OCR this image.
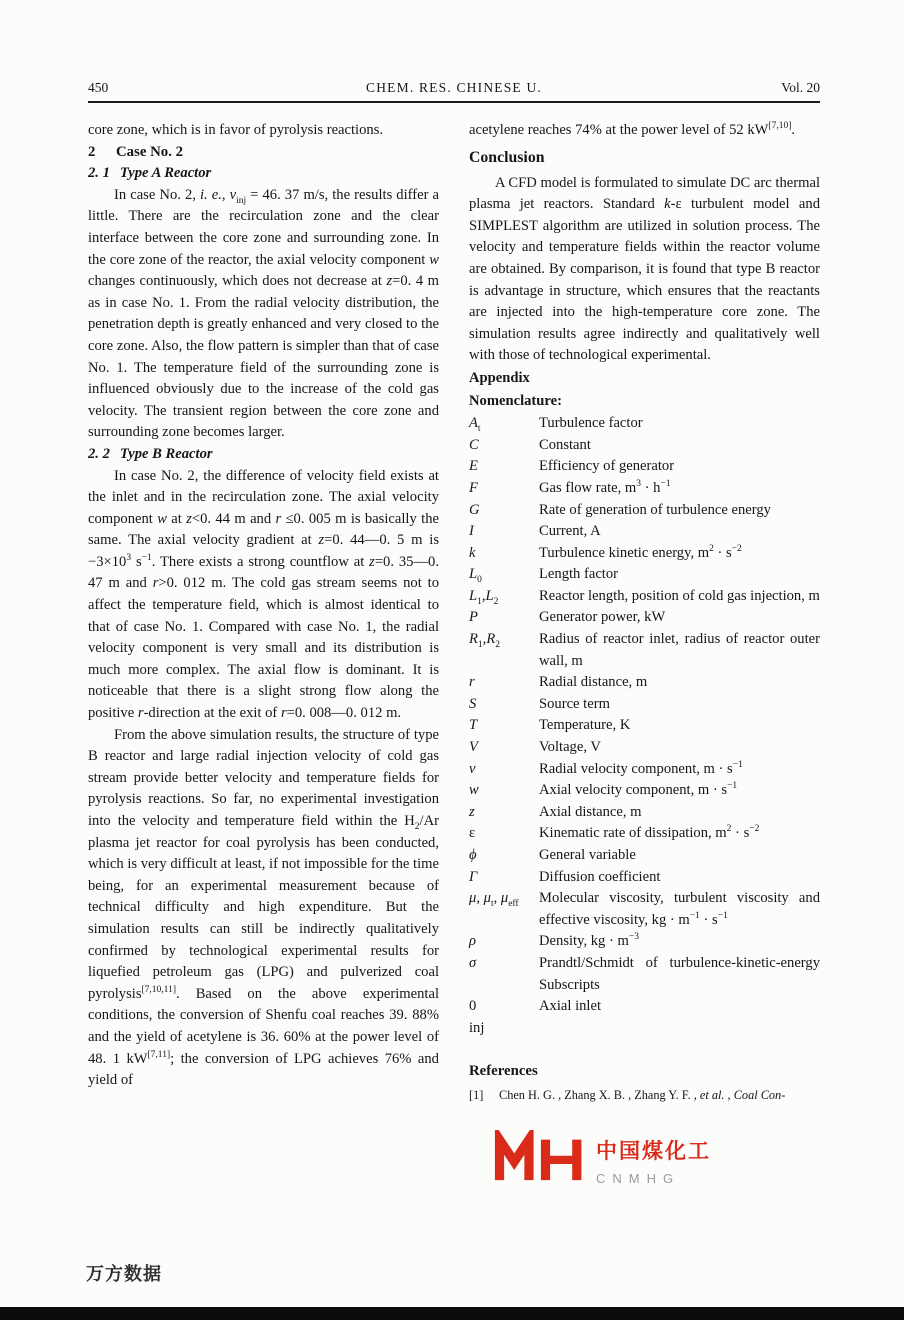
450	CHEM. RES. CHINESE U.	Vol. 20

core zone, which is in favor of pyrolysis reactions.

2 Case No. 2
2. 1 Type A Reactor

In case No. 2, i. e., $v_{inj} = 46$. 37 m/s, the results differ a little. There are the recirculation zone and the clear interface between the core zone and surrounding zone. In the core zone of the reactor, the axial velocity component w changes continuously, which does not decrease at z=0. 4 m as in case No. 1. From the radial velocity distribution, the penetration depth is greatly enhanced and very closed to the core zone. Also, the flow pattern is simpler than that of case No. 1. The temperature field of the surrounding zone is influenced obviously due to the increase of the cold gas velocity. The transient region between the core zone and surrounding zone becomes larger.

2. 2 Type B Reactor

In case No. 2, the difference of velocity field exists at the inlet and in the recirculation zone. The axial velocity component w at z<0. 44 m and r ≤0. 005 m is basically the same. The axial velocity gradient at z=0. 44—0. 5 m is $-3\times 10^3$ $s^{-1}$. There exists a strong countflow at z=0. 35—0. 47 m and r>0. 012 m. The cold gas stream seems not to affect the temperature field, which is almost identical to that of case No. 1. Compared with case No. 1, the radial velocity component is very small and its distribution is much more complex. The axial flow is dominant. It is noticeable that there is a slight strong flow along the positive r-direction at the exit of r=0. 008—0. 012 m.

From the above simulation results, the structure of type B reactor and large radial injection velocity of cold gas stream provide better velocity and temperature fields for pyrolysis reactions. So far, no experimental investigation into the velocity and temperature field within the $H_2/Ar$ plasma jet reactor for coal pyrolysis has been conducted, which is very difficult at least, if not impossible for the time being, for an experimental measurement because of technical difficulty and high expenditure. But the simulation results can still be indirectly qualitatively confirmed by technological experimental results for liquefied petroleum gas (LPG) and pulverized coal pyrolysis[7,10,11]. Based on the above experimental conditions, the conversion of Shenfu coal reaches 39. 88% and the yield of acetylene is 36. 60% at the power level of 48. 1 kW[7,11]; the conversion of LPG achieves 76% and yield of

acetylene reaches 74% at the power level of 52 kW[7,10].

Conclusion

A CFD model is formulated to simulate DC arc thermal plasma jet reactors. Standard k-ε turbulent model and SIMPLEST algorithm are utilized in solution process. The velocity and temperature fields within the reactor volume are obtained. By comparison, it is found that type B reactor is advantage in structure, which ensures that the reactants are injected into the high-temperature core zone. The simulation results agree indirectly and qualitatively well with those of technological experimental.

Appendix
Nomenclature:
$A_t$	Turbulence factor
C	Constant
E	Efficiency of generator
F	Gas flow rate, $m^3 \cdot h^{-1}$
G	Rate of generation of turbulence energy
I	Current, A
k	Turbulence kinetic energy, $m^2 \cdot s^{-2}$
$L_0$	Length factor
$L_1,L_2$	Reactor length, position of cold gas injection, m
P	Generator power, kW
$R_1,R_2$	Radius of reactor inlet, radius of reactor outer wall, m
r	Radial distance, m
S	Source term
T	Temperature, K
V	Voltage, V
v	Radial velocity component, $m \cdot s^{-1}$
w	Axial velocity component, $m \cdot s^{-1}$
z	Axial distance, m
ε	Kinematic rate of dissipation, $m^2 \cdot s^{-2}$
ϕ	General variable
Γ	Diffusion coefficient
μ, $\mu_t$, $\mu_{eff}$	Molecular viscosity, turbulent viscosity and effective viscosity, kg · $m^{-1} \cdot s^{-1}$
ρ	Density, kg · $m^{-3}$
σ	Prandtl/Schmidt of turbulence-kinetic-energy Subscripts
0	Axial inlet
inj
References
[1]	Chen H. G. , Zhang X. B. , Zhang Y. F. , et al. , Coal Con-
中国煤化工
CNMHG
万方数据
